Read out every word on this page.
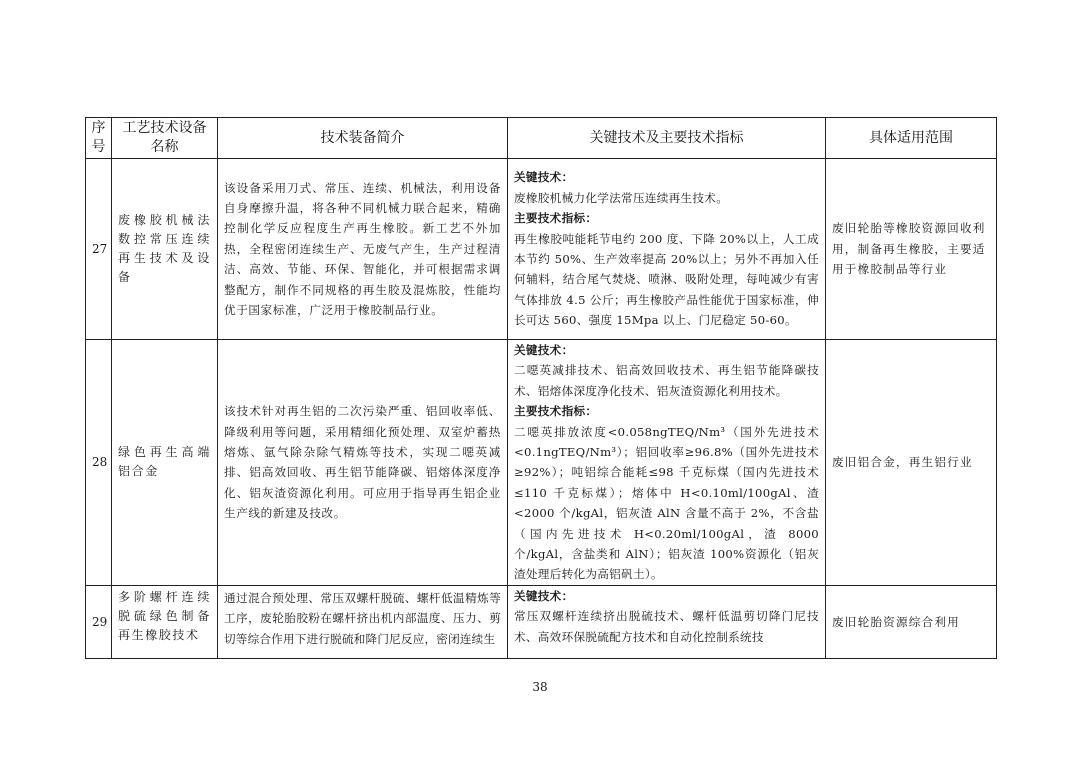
序号	工艺技术设备名称	技术装备简介	关键技术及主要技术指标	具体适用范围
27	废橡胶机械法数控常压连续再生技术及设备	该设备采用刀式、常压、连续、机械法，利用设备自身摩擦升温，将各种不同机械力联合起来，精确控制化学反应程度生产再生橡胶。新工艺不外加热，全程密闭连续生产、无废气产生，生产过程清洁、高效、节能、环保、智能化，并可根据需求调整配方，制作不同规格的再生胶及混炼胶，性能均优于国家标准，广泛用于橡胶制品行业。	关键技术：
废橡胶机械力化学法常压连续再生技术。
主要技术指标：
再生橡胶吨能耗节电约 200 度、下降 20%以上，人工成本节约 50%、生产效率提高 20%以上；另外不再加入任何辅料，结合尾气焚烧、喷淋、吸附处理，每吨减少有害气体排放 4.5 公斤；再生橡胶产品性能优于国家标准，伸长可达 560、强度 15Mpa 以上、门尼稳定 50-60。	废旧轮胎等橡胶资源回收利用，制备再生橡胶，主要适用于橡胶制品等行业
28	绿色再生高端铝合金	该技术针对再生铝的二次污染严重、铝回收率低、降级利用等问题，采用精细化预处理、双室炉蓄热熔炼、氩气除杂除气精炼等技术，实现二噁英减排、铝高效回收、再生铝节能降碳、铝熔体深度净化、铝灰渣资源化利用。可应用于指导再生铝企业生产线的新建及技改。	关键技术：
二噁英减排技术、铝高效回收技术、再生铝节能降碳技术、铝熔体深度净化技术、铝灰渣资源化利用技术。
主要技术指标：
二噁英排放浓度<0.058ngTEQ/Nm³（国外先进技术<0.1ngTEQ/Nm³）；铝回收率≥96.8%（国外先进技术≥92%）；吨铝综合能耗≤98 千克标煤（国内先进技术≤110 千克标煤）；熔体中 H<0.10ml/100gAl、渣<2000 个/kgAl，铝灰渣 AlN 含量不高于 2%，不含盐（国内先进技术 H<0.20ml/100gAl，渣 8000 个/kgAl，含盐类和 AlN）；铝灰渣 100%资源化（铝灰渣处理后转化为高铝矾土）。	废旧铝合金，再生铝行业
29	多阶螺杆连续脱硫绿色制备再生橡胶技术	通过混合预处理、常压双螺杆脱硫、螺杆低温精炼等工序，废轮胎胶粉在螺杆挤出机内部温度、压力、剪切等综合作用下进行脱硫和降门尼反应，密闭连续生	关键技术：
常压双螺杆连续挤出脱硫技术、螺杆低温剪切降门尼技术、高效环保脱硫配方技术和自动化控制系统技	废旧轮胎资源综合利用
38
